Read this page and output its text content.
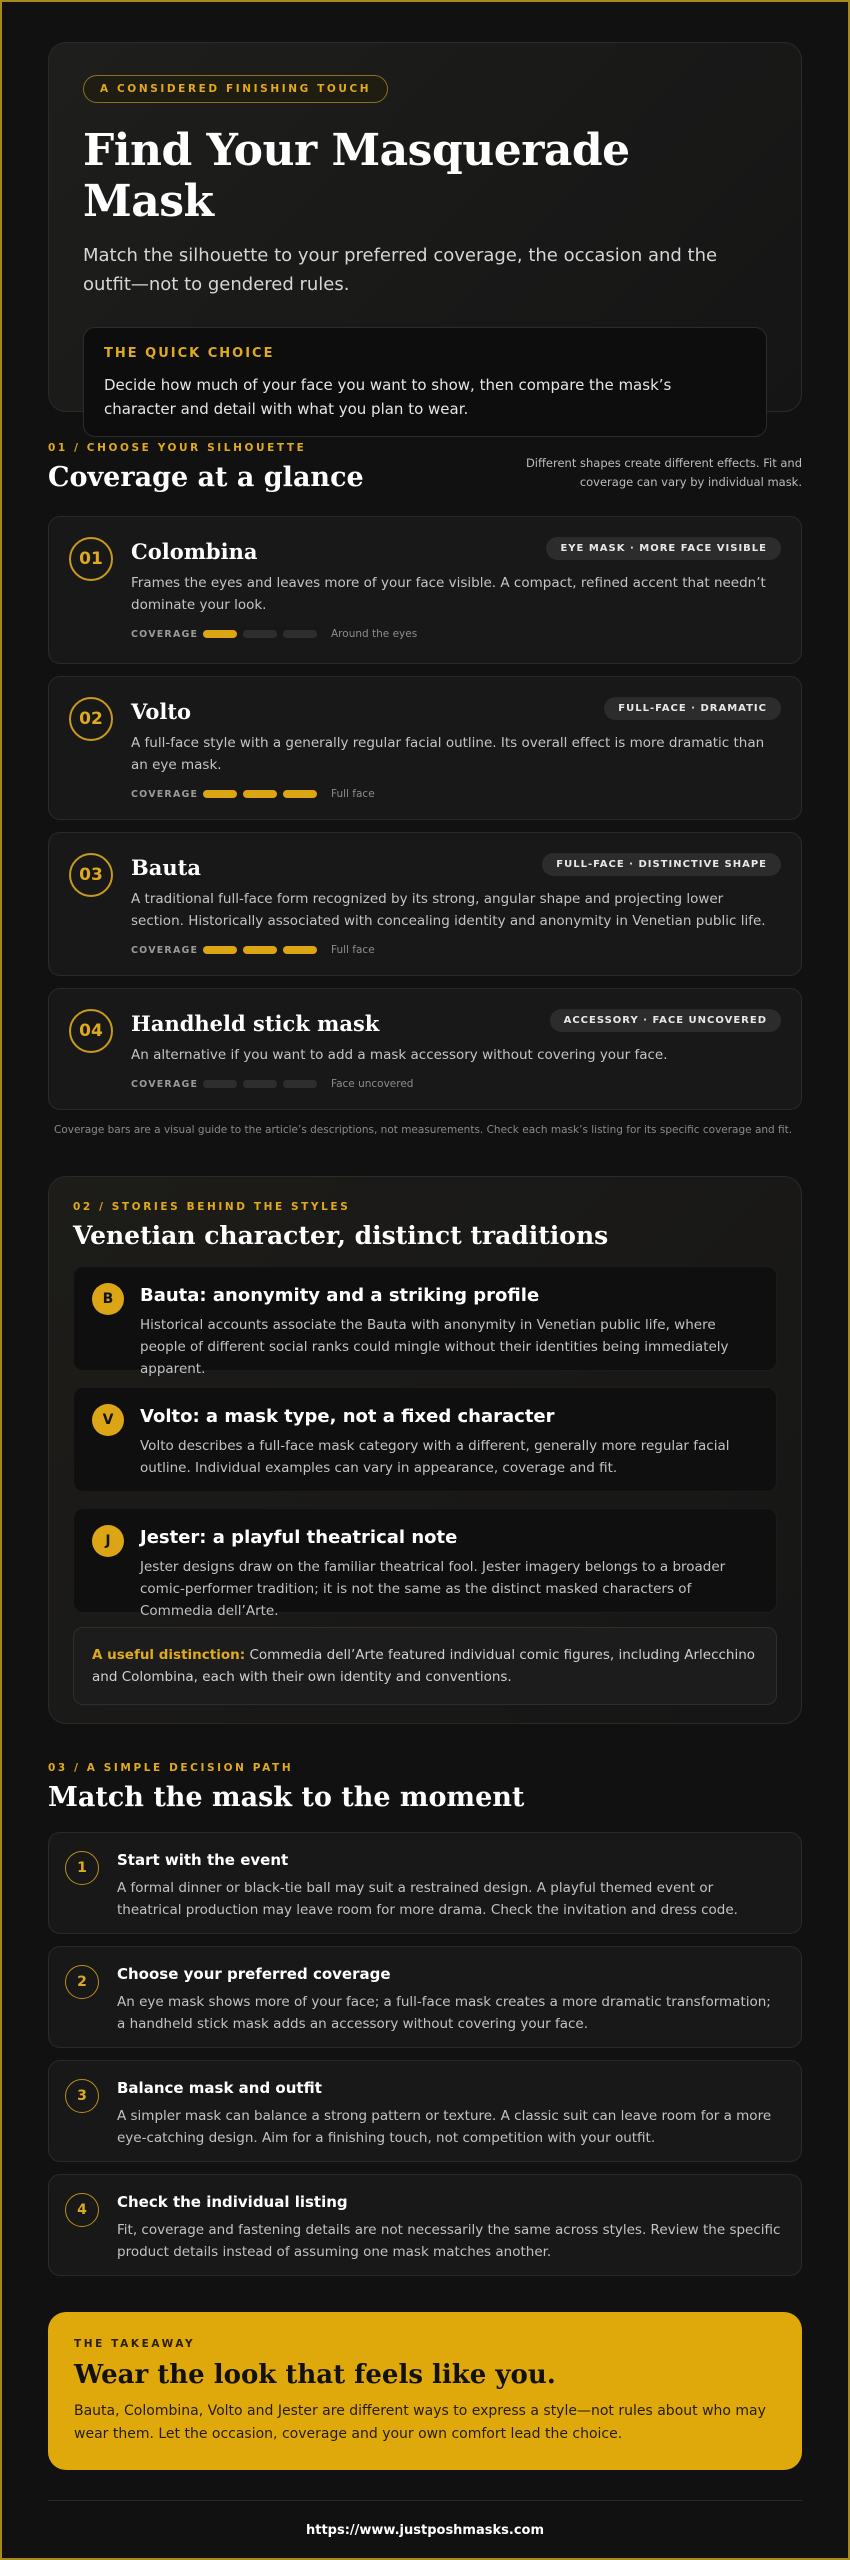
A CONSIDERED FINISHING TOUCH
Find Your Masquerade Mask

Match the silhouette to your preferred coverage, the occasion and the outfit—not to gendered rules.

THE QUICK CHOICE

Decide how much of your face you want to show, then compare the mask’s character and detail with what you plan to wear.

01 / CHOOSE YOUR SILHOUETTE
Coverage at a glance	Different shapes create different effects. Fit and coverage can vary by individual mask.
01	Colombina	EYE MASK · MORE FACE VISIBLE
Frames the eyes and leaves more of your face visible. A compact, refined accent that needn’t dominate your look.
COVERAGE	Around the eyes
02	Volto	FULL-FACE · DRAMATIC
A full-face style with a generally regular facial outline. Its overall effect is more dramatic than an eye mask.
COVERAGE	Full face
03	Bauta	FULL-FACE · DISTINCTIVE SHAPE
A traditional full-face form recognized by its strong, angular shape and projecting lower section. Historically associated with concealing identity and anonymity in Venetian public life.
COVERAGE	Full face
04	Handheld stick mask	ACCESSORY · FACE UNCOVERED
An alternative if you want to add a mask accessory without covering your face.
COVERAGE	Face uncovered
Coverage bars are a visual guide to the article’s descriptions, not measurements. Check each mask’s listing for its specific coverage and fit.
02 / STORIES BEHIND THE STYLES
Venetian character, distinct traditions
B	Bauta: anonymity and a striking profile

Historical accounts associate the Bauta with anonymity in Venetian public life, where people of different social ranks could mingle without their identities being immediately apparent.

V	Volto: a mask type, not a fixed character

Volto describes a full-face mask category with a different, generally more regular facial outline. Individual examples can vary in appearance, coverage and fit.

J	Jester: a playful theatrical note

Jester designs draw on the familiar theatrical fool. Jester imagery belongs to a broader comic-performer tradition; it is not the same as the distinct masked characters of Commedia dell’Arte.

A useful distinction: Commedia dell’Arte featured individual comic figures, including Arlecchino and Colombina, each with their own identity and conventions.
03 / A SIMPLE DECISION PATH
Match the mask to the moment
1	Start with the event

A formal dinner or black-tie ball may suit a restrained design. A playful themed event or theatrical production may leave room for more drama. Check the invitation and dress code.

2	Choose your preferred coverage

An eye mask shows more of your face; a full-face mask creates a more dramatic transformation; a handheld stick mask adds an accessory without covering your face.

3	Balance mask and outfit

A simpler mask can balance a strong pattern or texture. A classic suit can leave room for a more eye-catching design. Aim for a finishing touch, not competition with your outfit.

4	Check the individual listing

Fit, coverage and fastening details are not necessarily the same across styles. Review the specific product details instead of assuming one mask matches another.

THE TAKEAWAY
Wear the look that feels like you.

Bauta, Colombina, Volto and Jester are different ways to express a style—not rules about who may wear them. Let the occasion, coverage and your own comfort lead the choice.

https://www.justposhmasks.com
